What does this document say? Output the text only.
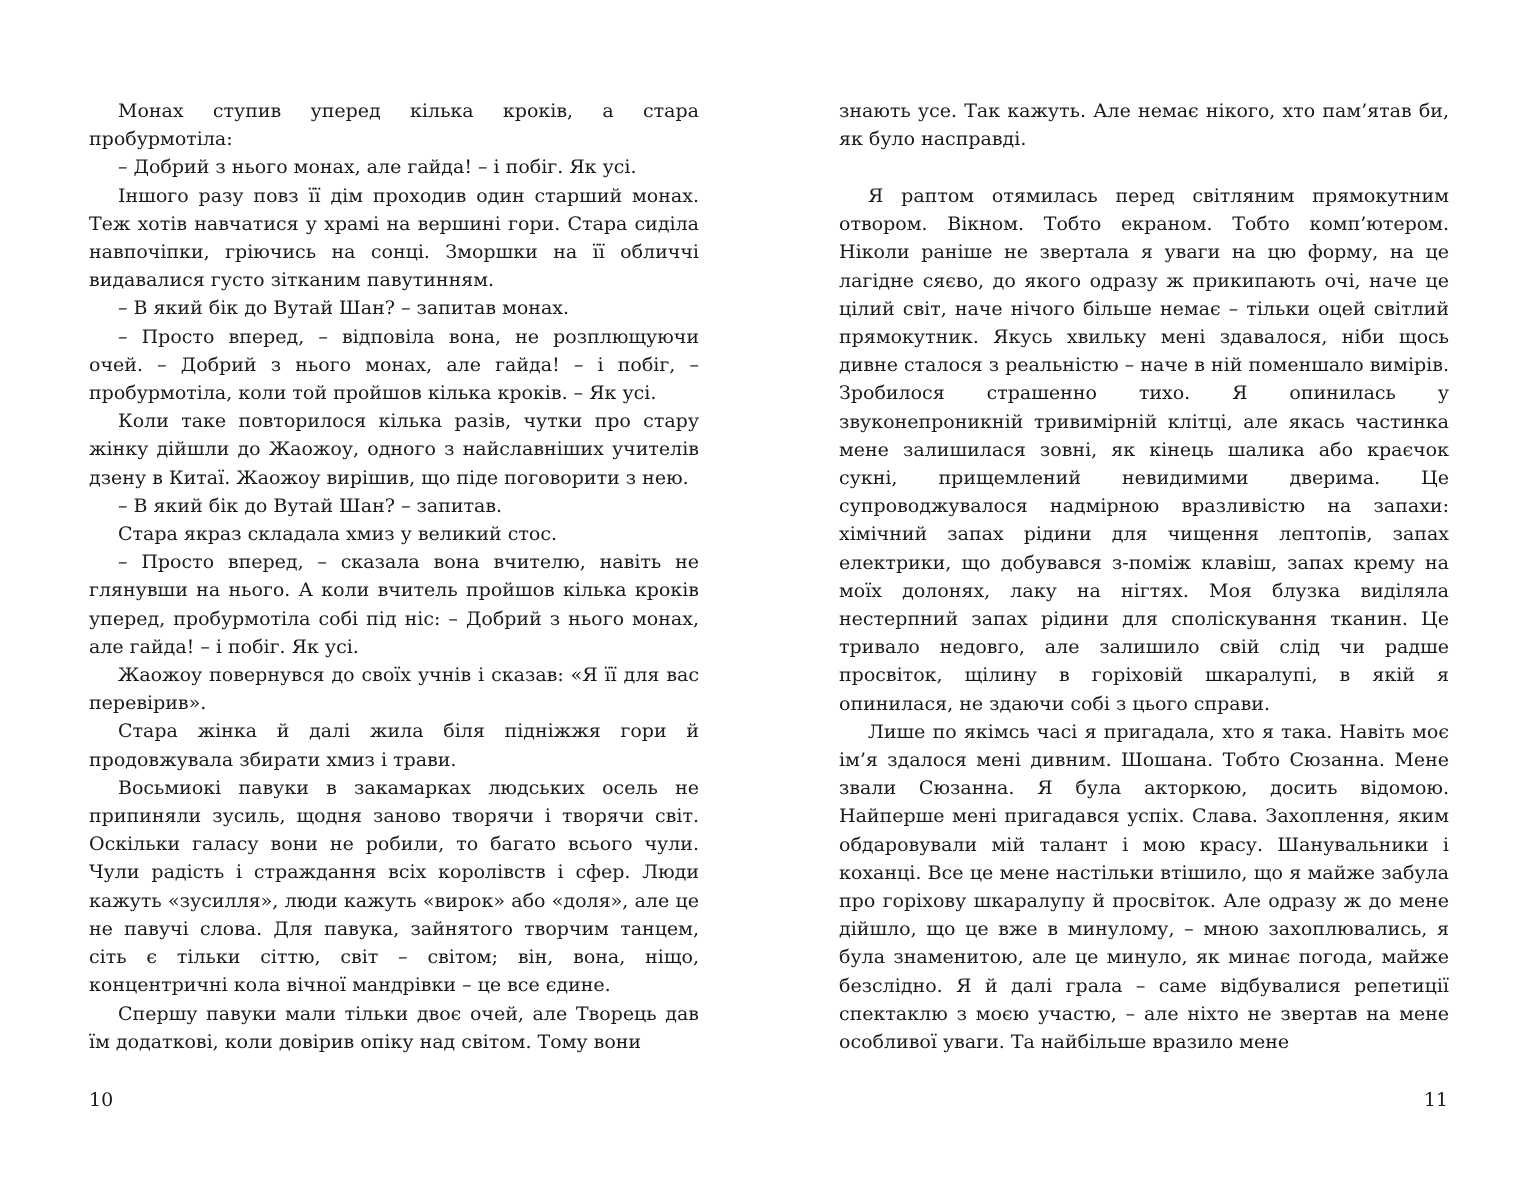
Монах ступив уперед кілька кроків, а стара пробурмотіла:

– Добрий з нього монах, але гайда! – і побіг. Як усі.

Іншого разу повз її дім проходив один старший монах. Теж хотів навчатися у храмі на вершині гори. Стара сиділа навпочіпки, гріючись на сонці. Зморшки на її обличчі видавалися густо зітканим павутинням.

– В який бік до Вутай Шан? – запитав монах.

– Просто вперед, – відповіла вона, не розплющуючи очей. – Добрий з нього монах, але гайда! – і побіг, – пробурмотіла, коли той пройшов кілька кроків. – Як усі.

Коли таке повторилося кілька разів, чутки про стару жінку дійшли до Жаожоу, одного з найславніших учителів дзену в Китаї. Жаожоу вирішив, що піде поговорити з нею.

– В який бік до Вутай Шан? – запитав.

Стара якраз складала хмиз у великий стос.

– Просто вперед, – сказала вона вчителю, навіть не глянувши на нього. А коли вчитель пройшов кілька кроків уперед, пробурмотіла собі під ніс: – Добрий з нього монах, але гайда! – і побіг. Як усі.

Жаожоу повернувся до своїх учнів і сказав: «Я її для вас перевірив».

Стара жінка й далі жила біля підніжжя гори й продовжувала збирати хмиз і трави.

Восьмиокі павуки в закамарках людських осель не припиняли зусиль, щодня заново творячи і творячи світ. Оскільки галасу вони не робили, то багато всього чули. Чули радість і страждання всіх королівств і сфер. Люди кажуть «зусилля», люди кажуть «вирок» або «доля», але це не павучі слова. Для павука, зайнятого творчим танцем, сіть є тільки сіттю, світ – світом; він, вона, ніщо, концентричні кола вічної мандрівки – це все єдине.

Спершу павуки мали тільки двоє очей, але Творець дав їм додаткові, коли довірив опіку над світом. Тому вони

знають усе. Так кажуть. Але немає нікого, хто пам’ятав би, як було насправді.

Я раптом отямилась перед світляним прямокутним отвором. Вікном. Тобто екраном. Тобто комп’ютером. Ніколи раніше не звертала я уваги на цю форму, на це лагідне сяєво, до якого одразу ж прикипають очі, наче це цілий світ, наче нічого більше немає – тільки оцей світлий прямокутник. Якусь хвильку мені здавалося, ніби щось дивне сталося з реальністю – наче в ній поменшало вимірів. Зробилося страшенно тихо. Я опинилась у звуконепроникній тривимірній клітці, але якась частинка мене залишилася зовні, як кінець шалика або краєчок сукні, прищемлений невидимими дверима. Це супроводжувалося надмірною вразливістю на запахи: хімічний запах рідини для чищення лептопів, запах електрики, що добувався з-поміж клавіш, запах крему на моїх долонях, лаку на нігтях. Моя блузка виділяла нестерпний запах рідини для споліскування тканин. Це тривало недовго, але залишило свій слід чи радше просвіток, щілину в горіховій шкаралупі, в якій я опинилася, не здаючи собі з цього справи.

Лише по якімсь часі я пригадала, хто я така. Навіть моє ім’я здалося мені дивним. Шошана. Тобто Сюзанна. Мене звали Сюзанна. Я була акторкою, досить відомою. Найперше мені пригадався успіх. Слава. Захоплення, яким обдаровували мій талант і мою красу. Шанувальники і коханці. Все це мене настільки втішило, що я майже забула про горіхову шкаралупу й просвіток. Але одразу ж до мене дійшло, що це вже в минулому, – мною захоплювались, я була знаменитою, але це минуло, як минає погода, майже безслідно. Я й далі грала – саме відбувалися репетиції спектаклю з моєю участю, – але ніхто не звертав на мене особливої уваги. Та найбільше вразило мене

10	11
